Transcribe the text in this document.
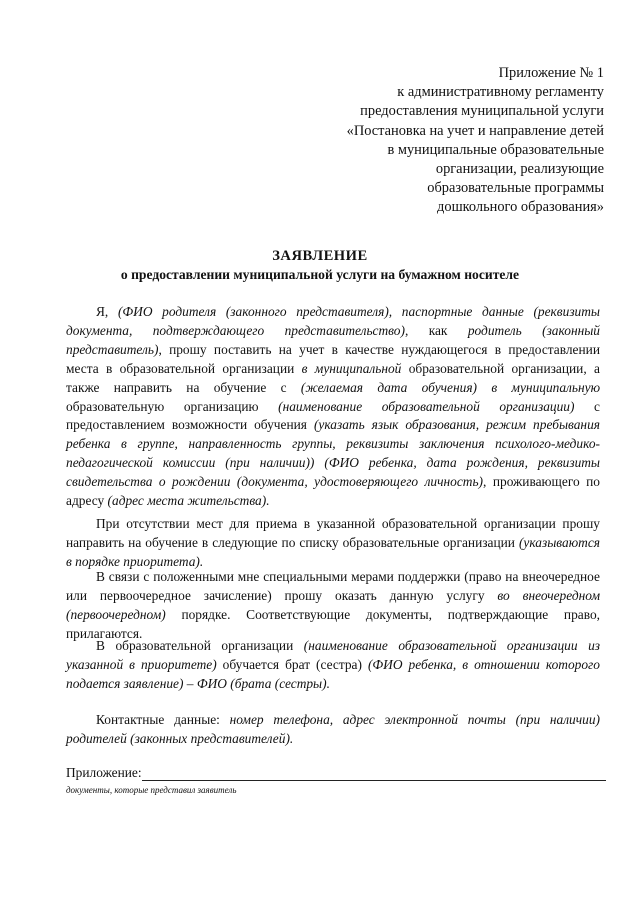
Приложение № 1
к административному регламенту
предоставления муниципальной услуги
«Постановка на учет и направление детей
в муниципальные образовательные
организации, реализующие
образовательные программы
дошкольного образования»
ЗАЯВЛЕНИЕ
о предоставлении муниципальной услуги на бумажном носителе

Я, (ФИО родителя (законного представителя), паспортные данные (реквизиты документа, подтверждающего представительство), как родитель (законный представитель), прошу поставить на учет в качестве нуждающегося в предоставлении места в образовательной организации в муниципальной образовательной организации, а также направить на обучение с (желаемая дата обучения) в муниципальную образовательную организацию (наименование образовательной организации) с предоставлением возможности обучения (указать язык образования, режим пребывания ребенка в группе, направленность группы, реквизиты заключения психолого-медико-педагогической комиссии (при наличии)) (ФИО ребенка, дата рождения, реквизиты свидетельства о рождении (документа, удостоверяющего личность), проживающего по адресу (адрес места жительства).

При отсутствии мест для приема в указанной образовательной организации прошу направить на обучение в следующие по списку образовательные организации (указываются в порядке приоритета).

В связи с положенными мне специальными мерами поддержки (право на внеочередное или первоочередное зачисление) прошу оказать данную услугу во внеочередном (первоочередном) порядке. Соответствующие документы, подтверждающие право, прилагаются.

В образовательной организации (наименование образовательной организации из указанной в приоритете) обучается брат (сестра) (ФИО ребенка, в отношении которого подается заявление) – ФИО (брата (сестры).

Контактные данные: номер телефона, адрес электронной почты (при наличии) родителей (законных представителей).

Приложение:
документы, которые представил заявитель
